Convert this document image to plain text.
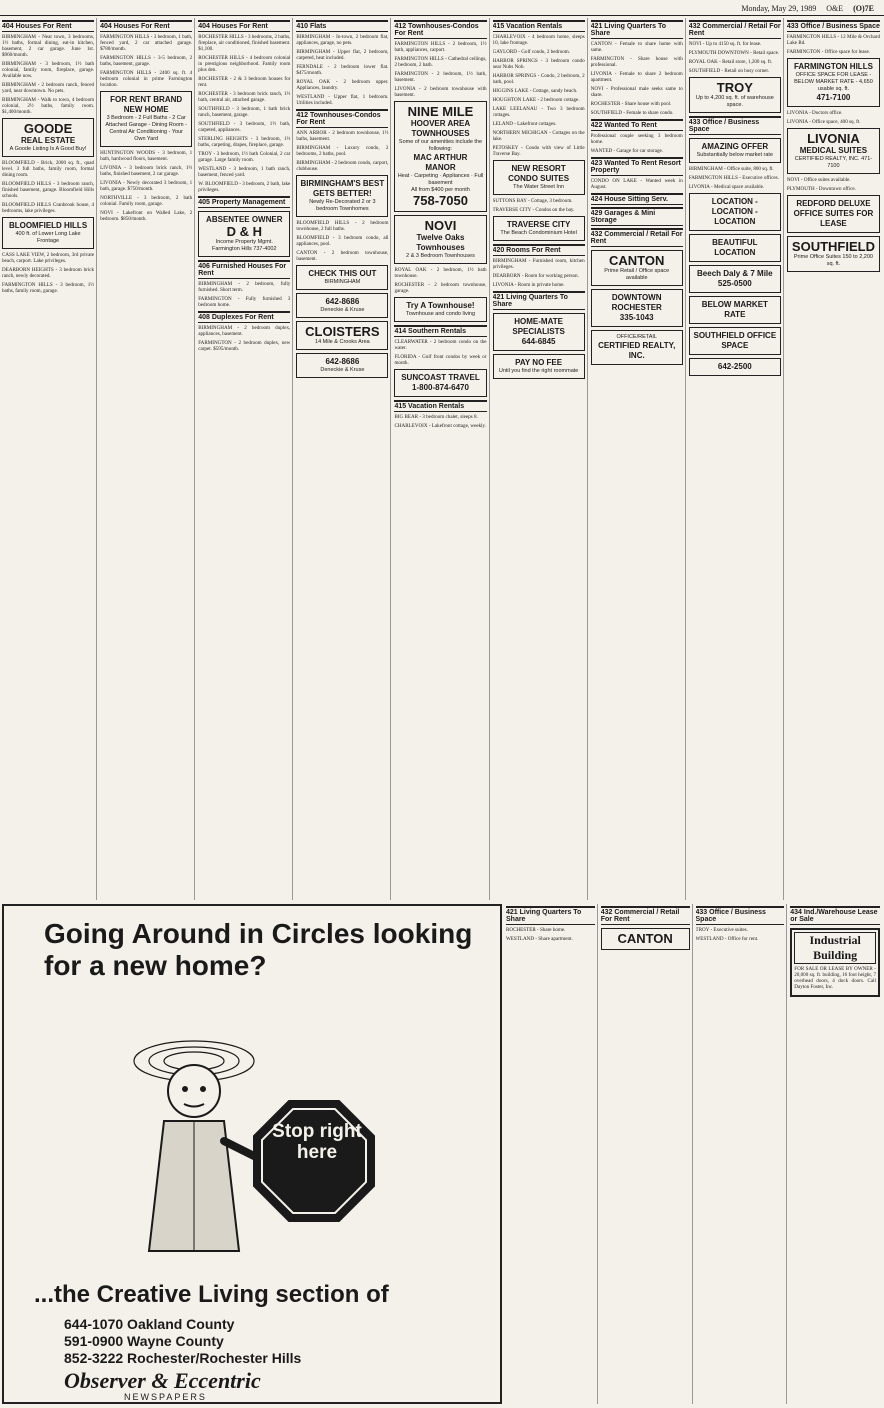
Monday, May 29, 1989 O&E (O)7E
404 Houses For Rent
BIRMINGHAM - Near town, 3 bedrooms, 1½ baths, formal dining, eat-in kitchen, basement, 2 car garage. June 1st. $960/month.
BIRMINGHAM - 3 bedroom, 1½ bath colonial, family room, fireplace, garage. Available now.
BIRMINGHAM - 2 bedroom ranch, fenced yard, near downtown. No pets.
BIRMINGHAM - Walk to town, 4 bedroom colonial, 2½ baths, family room. $1,400/month.
GOODE
REAL ESTATE
A Goode Listing Is A Good Buy!
BLOOMFIELD - Brick, 2000 sq. ft., quad level. 3 full baths, family room, formal dining room.
BLOOMFIELD HILLS - 3 bedroom ranch, finished basement, garage. Bloomfield Hills schools.
BLOOMFIELD HILLS Cranbrook house, 4 bedrooms, lake privileges.
BLOOMFIELD HILLS
400 ft. of Lower Long Lake Frontage
CASS LAKE VIEW, 2 bedroom, 3rd private beach, carport. Lake privileges.
DEARBORN HEIGHTS - 3 bedroom brick ranch, newly decorated.
FARMINGTON HILLS - 3 bedroom, 1½ baths, family room, garage.
404 Houses For Rent
FARMINGTON HILLS - 3 bedroom, 1 bath, fenced yard, 2 car attached garage. $780/month.
FARMINGTON HILLS - 3-5 bedroom, 2 baths, basement, garage.
FARMINGTON HILLS - 2400 sq. ft. 4 bedroom colonial in prime Farmington location.
FOR RENT BRAND NEW HOME
3 Bedroom - 2 Full Baths - 2 Car Attached Garage - Dining Room - Central Air Conditioning - Your Own Yard
HUNTINGTON WOODS - 3 bedroom, 1 bath, hardwood floors, basement.
LIVONIA - 3 bedroom brick ranch, 1½ baths, finished basement, 2 car garage.
LIVONIA - Newly decorated 3 bedroom, 1 bath, garage. $750/month.
NORTHVILLE - 3 bedroom, 2 bath colonial. Family room, garage.
NOVI - Lakefront on Walled Lake, 2 bedroom. $850/month.
404 Houses For Rent
ROCHESTER HILLS - 3 bedrooms, 2 baths, fireplace, air conditioned, finished basement. $1,100.
ROCHESTER HILLS - 4 bedroom colonial in prestigious neighborhood. Family room plus den.
ROCHESTER - 2 & 3 bedroom houses for rent.
ROCHESTER - 3 bedroom brick ranch, 1½ bath, central air, attached garage.
SOUTHFIELD - 3 bedroom, 1 bath brick ranch, basement, garage.
SOUTHFIELD - 3 bedroom, 1½ bath, carpeted, appliances.
STERLING HEIGHTS - 3 bedroom, 1½ baths, carpeting, drapes, fireplace, garage.
TROY - 3 bedroom, 1½ bath Colonial, 2 car garage. Large family room.
WESTLAND - 3 bedroom, 1 bath ranch, basement, fenced yard.
W. BLOOMFIELD - 3 bedroom, 2 bath, lake privileges.
405 Property Management
ABSENTEE OWNER
D & H
Income Property Mgmt. Farmington Hills 737-4002
406 Furnished Houses For Rent
BIRMINGHAM - 2 bedroom, fully furnished. Short term.
FARMINGTON - Fully furnished 3 bedroom home.
408 Duplexes For Rent
BIRMINGHAM - 2 bedroom duplex, appliances, basement.
FARMINGTON - 2 bedroom duplex, new carpet. $595/month.
410 Flats
BIRMINGHAM - In-town, 2 bedroom flat, appliances, garage, no pets.
BIRMINGHAM - Upper flat, 2 bedroom, carpeted, heat included.
FERNDALE - 2 bedroom lower flat. $475/month.
ROYAL OAK - 2 bedroom upper. Appliances, laundry.
WESTLAND - Upper flat, 1 bedroom. Utilities included.
412 Townhouses-Condos For Rent
ANN ARBOR - 2 bedroom townhouse, 1½ baths, basement.
BIRMINGHAM - Luxury condo, 2 bedrooms, 2 baths, pool.
BIRMINGHAM - 2 bedroom condo, carport, clubhouse.
BIRMINGHAM'S BEST GETS BETTER!
Newly Re-Decorated 2 or 3 bedroom Townhomes
BLOOMFIELD HILLS - 2 bedroom townhouse, 2 full baths.
BLOOMFIELD - 3 bedroom condo, all appliances, pool.
CANTON - 2 bedroom townhouse, basement.
CHECK THIS OUT
BIRMINGHAM
642-8686
Deneckie & Kruse
CLOISTERS
14 Mile & Crooks Area
642-8686
Deneckie & Kruse
412 Townhouses-Condos For Rent
FARMINGTON HILLS - 2 bedroom, 1½ bath, appliances, carport.
FARMINGTON HILLS - Cathedral ceilings, 2 bedroom, 2 bath.
FARMINGTON - 2 bedroom, 1½ bath, basement.
LIVONIA - 2 bedroom townhouse with basement.
NINE MILE
HOOVER AREA TOWNHOUSES
Some of our amenities include the following:
MAC ARTHUR MANOR
Heat · Carpeting · Appliances · Full basement
All from $400 per month
758-7050
NOVI
Twelve Oaks Townhouses
2 & 3 Bedroom Townhouses
ROYAL OAK - 2 bedroom, 1½ bath townhouse.
ROCHESTER - 2 bedroom townhouse, garage.
Try A Townhouse!
Townhouse and condo living
414 Southern Rentals
CLEARWATER - 2 bedroom condo on the water.
FLORIDA - Gulf front condos by week or month.
SUNCOAST TRAVEL
1-800-874-6470
415 Vacation Rentals
BIG BEAR - 3 bedroom chalet, sleeps 8.
CHARLEVOIX - Lakefront cottage, weekly.
415 Vacation Rentals
CHARLEVOIX - 4 bedroom home, sleeps 10, lake frontage.
GAYLORD - Golf condo, 2 bedroom.
HARBOR SPRINGS - 3 bedroom condo near Nubs Nob.
HARBOR SPRINGS - Condo, 2 bedroom, 2 bath, pool.
HIGGINS LAKE - Cottage, sandy beach.
HOUGHTON LAKE - 2 bedroom cottage.
LAKE LEELANAU - Two 3 bedroom cottages.
LELAND - Lakefront cottages.
NORTHERN MICHIGAN - Cottages on the lake.
PETOSKEY - Condo with view of Little Traverse Bay.
NEW RESORT CONDO SUITES
The Water Street Inn
SUTTONS BAY - Cottage, 3 bedroom.
TRAVERSE CITY - Condos on the bay.
TRAVERSE CITY
The Beach Condominium Hotel
420 Rooms For Rent
BIRMINGHAM - Furnished room, kitchen privileges.
DEARBORN - Room for working person.
LIVONIA - Room in private home.
421 Living Quarters To Share
HOME-MATE SPECIALISTS
644-6845
PAY NO FEE
Until you find the right roommate
421 Living Quarters To Share
CANTON - Female to share home with same.
FARMINGTON - Share house with professional.
LIVONIA - Female to share 2 bedroom apartment.
NOVI - Professional male seeks same to share.
ROCHESTER - Share house with pool.
SOUTHFIELD - Female to share condo.
422 Wanted To Rent
Professional couple seeking 3 bedroom home.
WANTED - Garage for car storage.
423 Wanted To Rent Resort Property
CONDO ON LAKE - Wanted week in August.
424 House Sitting Serv.
429 Garages & Mini Storage
432 Commercial / Retail For Rent
CANTON
Prime Retail / Office space available
DOWNTOWN ROCHESTER
335-1043
OFFICE/RETAIL
CERTIFIED REALTY, INC.
432 Commercial / Retail For Rent
NOVI - Up to 4150 sq. ft. for lease.
PLYMOUTH DOWNTOWN - Retail space.
ROYAL OAK - Retail store, 1,200 sq. ft.
SOUTHFIELD - Retail on busy corner.
TROY
Up to 4,200 sq. ft. of warehouse space.
433 Office / Business Space
AMAZING OFFER
Substantially below market rate
BIRMINGHAM - Office suite, 800 sq. ft.
FARMINGTON HILLS - Executive offices.
LIVONIA - Medical space available.
LOCATION - LOCATION - LOCATION
BEAUTIFUL LOCATION
Beech Daly & 7 Mile
525-0500
BELOW MARKET RATE
SOUTHFIELD OFFICE SPACE
642-2500
433 Office / Business Space
FARMINGTON HILLS - 12 Mile & Orchard Lake Rd.
FARMINGTON - Office space for lease.
FARMINGTON HILLS
OFFICE SPACE FOR LEASE - BELOW MARKET RATE - 4,650 usable sq. ft.
471-7100
LIVONIA - Doctors office.
LIVONIA - Office space, 400 sq. ft.
LIVONIA
MEDICAL SUITES
CERTIFIED REALTY, INC. 471-7100
NOVI - Office suites available.
PLYMOUTH - Downtown office.
REDFORD DELUXE OFFICE SUITES FOR LEASE
SOUTHFIELD
Prime Office Suites 150 to 2,200 sq. ft.
Going Around in Circles looking for a new home?
Stop right here
...the Creative Living section of
644-1070 Oakland County
591-0900 Wayne County
852-3222 Rochester/Rochester Hills
Observer & Eccentric
NEWSPAPERS
421 Living Quarters To Share
ROCHESTER - Share home.
WESTLAND - Share apartment.
432 Commercial / Retail For Rent
CANTON
433 Office / Business Space
TROY - Executive suites.
WESTLAND - Office for rent.
434 Ind./Warehouse Lease or Sale
Industrial Building
FOR SALE OR LEASE BY OWNER - 20,000 sq. ft. building, 16 foot height, 7 overhead doors, 4 dock doors. Call Dayton Foster, Inc.
